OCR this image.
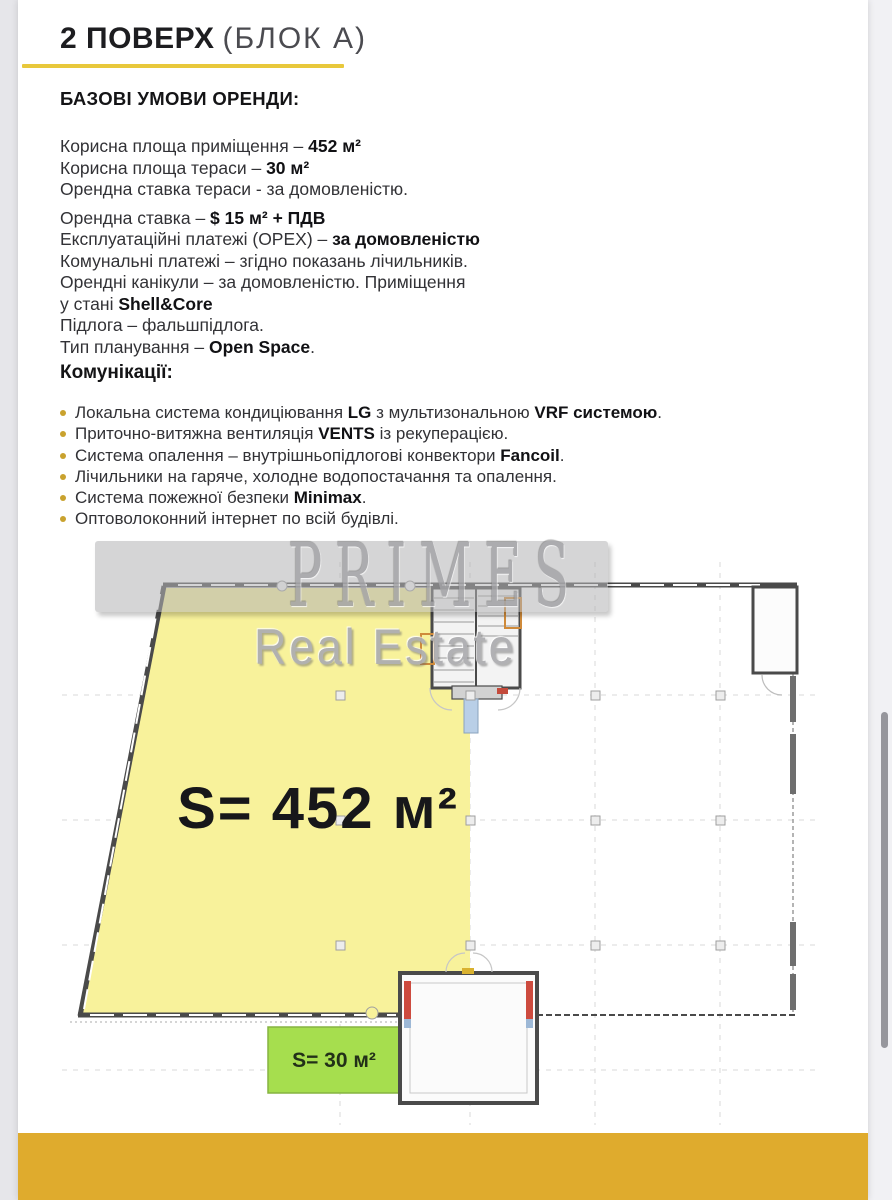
2 ПОВЕРХ (БЛОК А)
БАЗОВІ УМОВИ ОРЕНДИ:
Корисна площа приміщення – 452 м²
Корисна площа тераси – 30 м²
Орендна ставка тераси - за домовленістю.
Орендна ставка – $ 15 м² + ПДВ
Експлуатаційні платежі (OPEX) – за домовленістю
Комунальні платежі – згідно показань лічильників.
Орендні канікули – за домовленістю. Приміщення
у стані Shell&Core
Підлога – фальшпідлога.
Тип планування – Open Space.
Комунікації:
Локальна система кондиціювання LG з мультизональною VRF системою.
Приточно-витяжна вентиляція VENTS із рекуперацією.
Система опалення – внутрішньопідлогові конвектори Fancoil.
Лічильники на гаряче, холодне водопостачання та опалення.
Система пожежної безпеки Minimax.
Оптоволоконний інтернет по всій будівлі.
S= 452 м²
S= 30 м²
PRIMES
Real Estate
